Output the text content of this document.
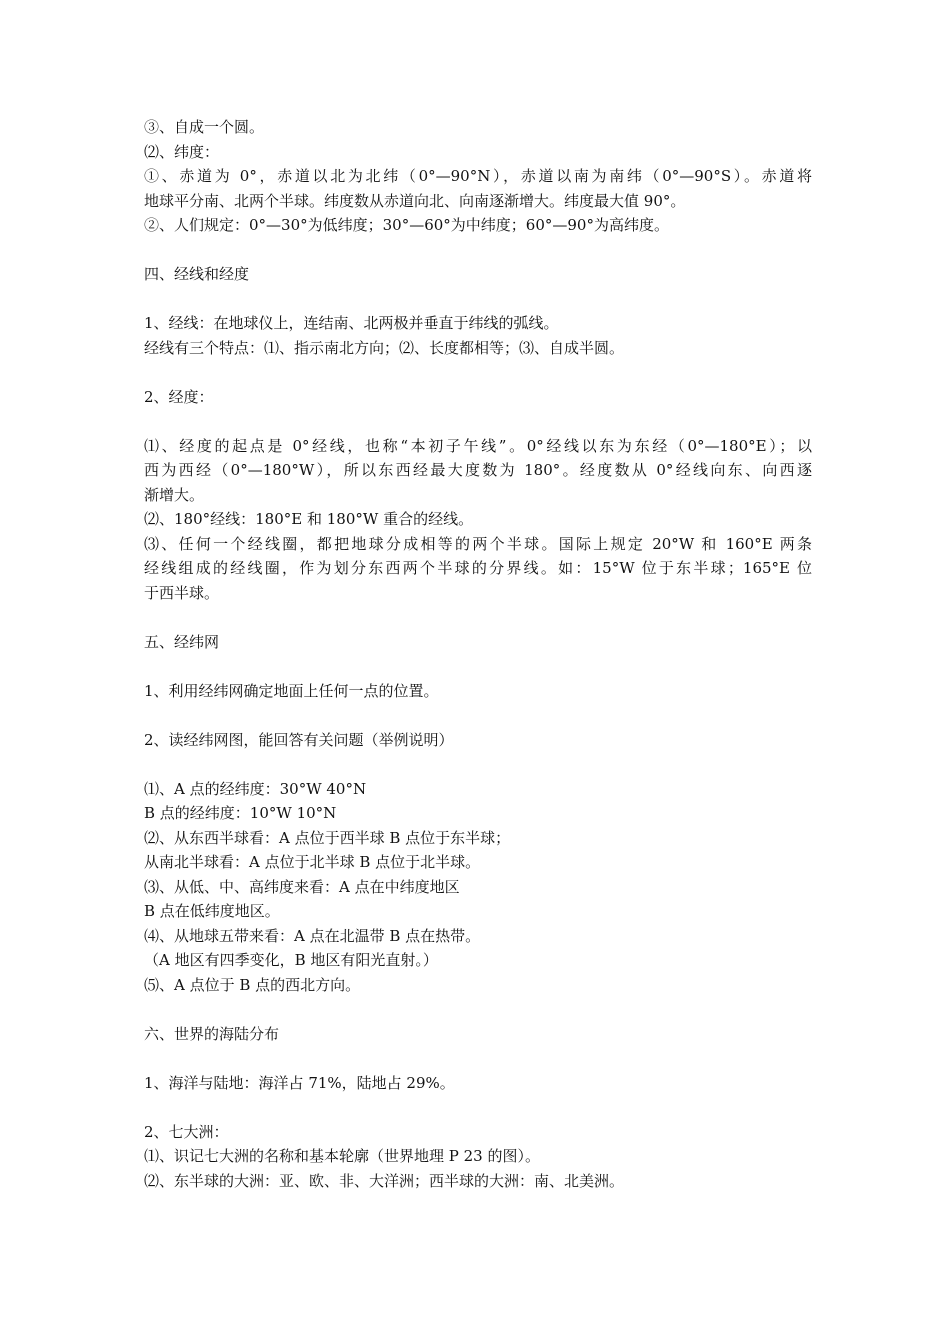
③、自成一个圆。
⑵、纬度：
①、赤道为 0°，赤道以北为北纬（0°—90°N），赤道以南为南纬（0°—90°S）。赤道将
地球平分南、北两个半球。纬度数从赤道向北、向南逐渐增大。纬度最大值 90°。
②、人们规定：0°—30°为低纬度；30°—60°为中纬度；60°—90°为高纬度。
四、经线和经度
1、经线：在地球仪上，连结南、北两极并垂直于纬线的弧线。
经线有三个特点：⑴、指示南北方向；⑵、长度都相等；⑶、自成半圆。
2、经度：
⑴、经度的起点是 0°经线，也称“本初子午线”。0°经线以东为东经（0°—180°E）；以
西为西经（0°—180°W），所以东西经最大度数为 180°。经度数从 0°经线向东、向西逐
渐增大。
⑵、180°经线：180°E 和 180°W 重合的经线。
⑶、任何一个经线圈，都把地球分成相等的两个半球。国际上规定 20°W 和 160°E 两条
经线组成的经线圈，作为划分东西两个半球的分界线。如：15°W 位于东半球；165°E 位
于西半球。
五、经纬网
1、利用经纬网确定地面上任何一点的位置。
2、读经纬网图，能回答有关问题（举例说明）
⑴、A 点的经纬度：30°W 40°N
B 点的经纬度：10°W 10°N
⑵、从东西半球看：A 点位于西半球 B 点位于东半球；
从南北半球看：A 点位于北半球 B 点位于北半球。
⑶、从低、中、高纬度来看：A 点在中纬度地区
B 点在低纬度地区。
⑷、从地球五带来看：A 点在北温带 B 点在热带。
（A 地区有四季变化，B 地区有阳光直射。）
⑸、A 点位于 B 点的西北方向。
六、世界的海陆分布
1、海洋与陆地：海洋占 71%，陆地占 29%。
2、七大洲：
⑴、识记七大洲的名称和基本轮廓（世界地理 P 23 的图）。
⑵、东半球的大洲：亚、欧、非、大洋洲；西半球的大洲：南、北美洲。
